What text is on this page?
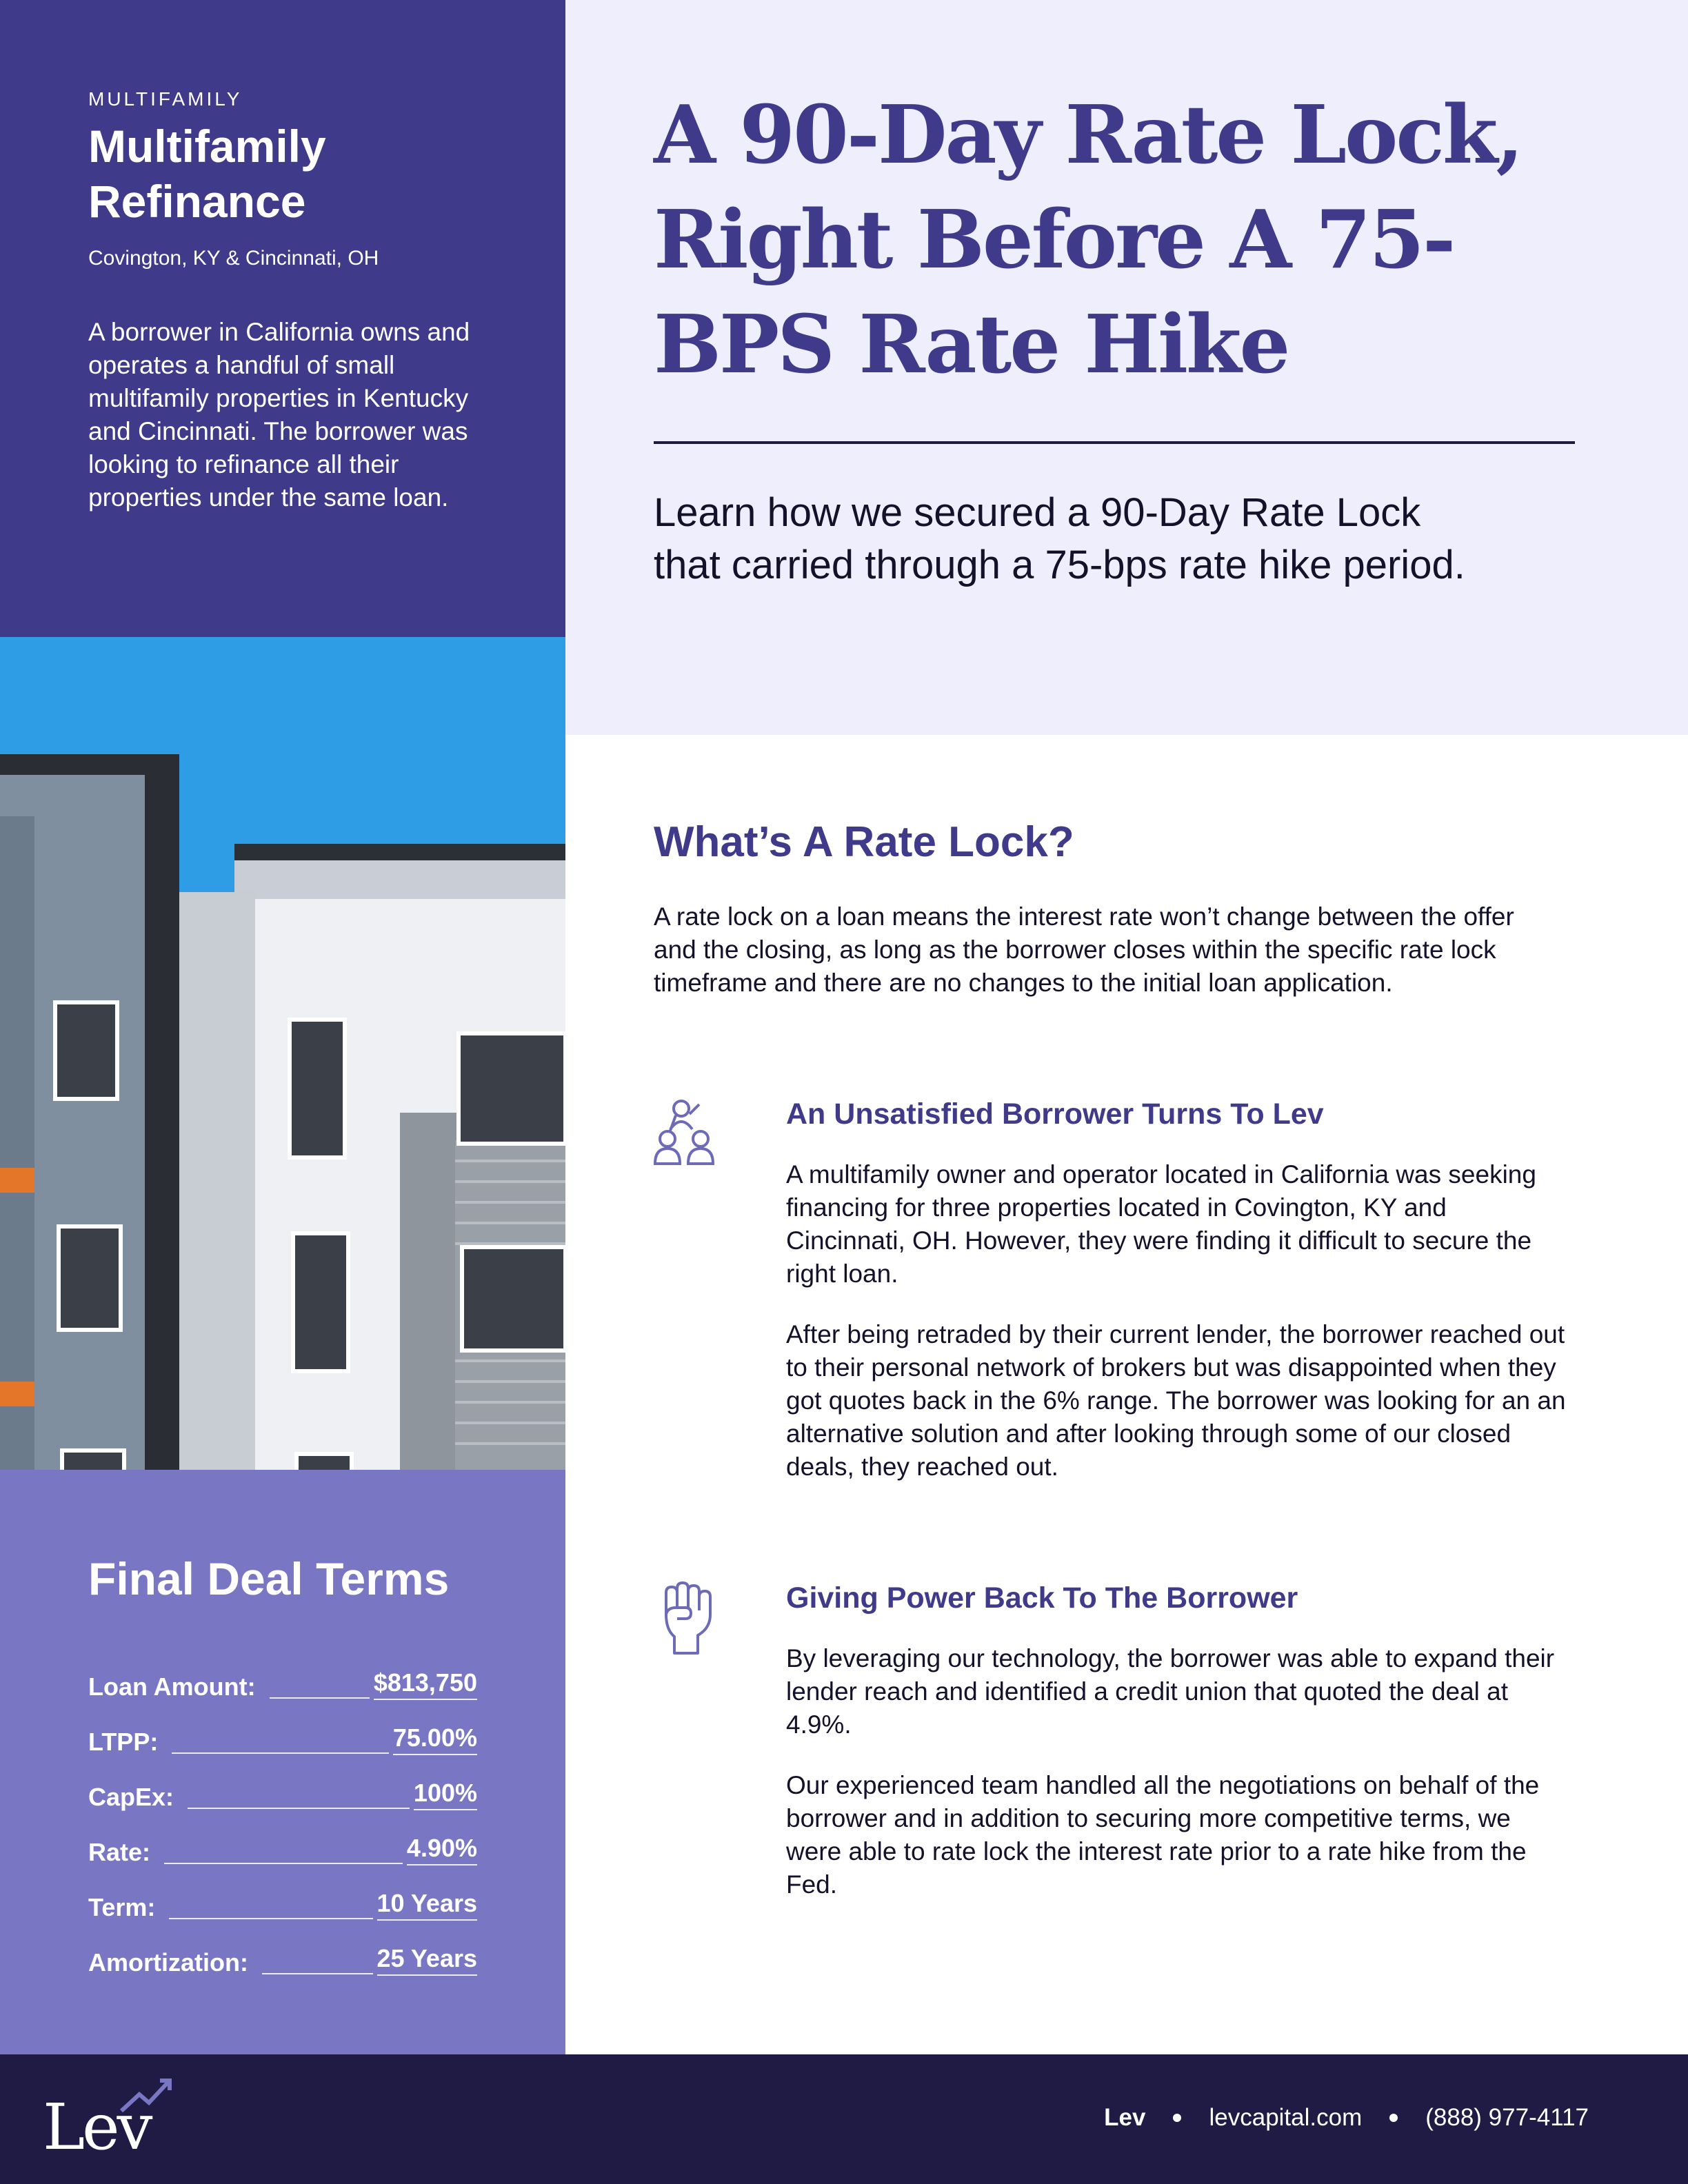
MULTIFAMILY
Multifamily Refinance
Covington, KY & Cincinnati, OH

A borrower in California owns and operates a handful of small multifamily properties in Kentucky and Cincinnati. The borrower was looking to refinance all their properties under the same loan.

Final Deal Terms
Loan Amount:	$813,750
LTPP:	75.00%
CapEx:	100%
Rate:	4.90%
Term:	10 Years
Amortization:	25 Years
A 90-Day Rate Lock, Right Before A 75-BPS Rate Hike

Learn how we secured a 90-Day Rate Lock that carried through a 75-bps rate hike period.

What’s A Rate Lock?

A rate lock on a loan means the interest rate won’t change between the offer and the closing, as long as the borrower closes within the specific rate lock timeframe and there are no changes to the initial loan application.

An Unsatisfied Borrower Turns To Lev

A multifamily owner and operator located in California was seeking financing for three properties located in Covington, KY and Cincinnati, OH. However, they were finding it difficult to secure the right loan.

After being retraded by their current lender, the borrower reached out to their personal network of brokers but was disappointed when they got quotes back in the 6% range. The borrower was looking for an an alternative solution and after looking through some of our closed deals, they reached out.

Giving Power Back To The Borrower

By leveraging our technology, the borrower was able to expand their lender reach and identified a credit union that quoted the deal at 4.9%.

Our experienced team handled all the negotiations on behalf of the borrower and in addition to securing more competitive terms, we were able to rate lock the interest rate prior to a rate hike from the Fed.

Lev	Lev	levcapital.com	(888) 977-4117
